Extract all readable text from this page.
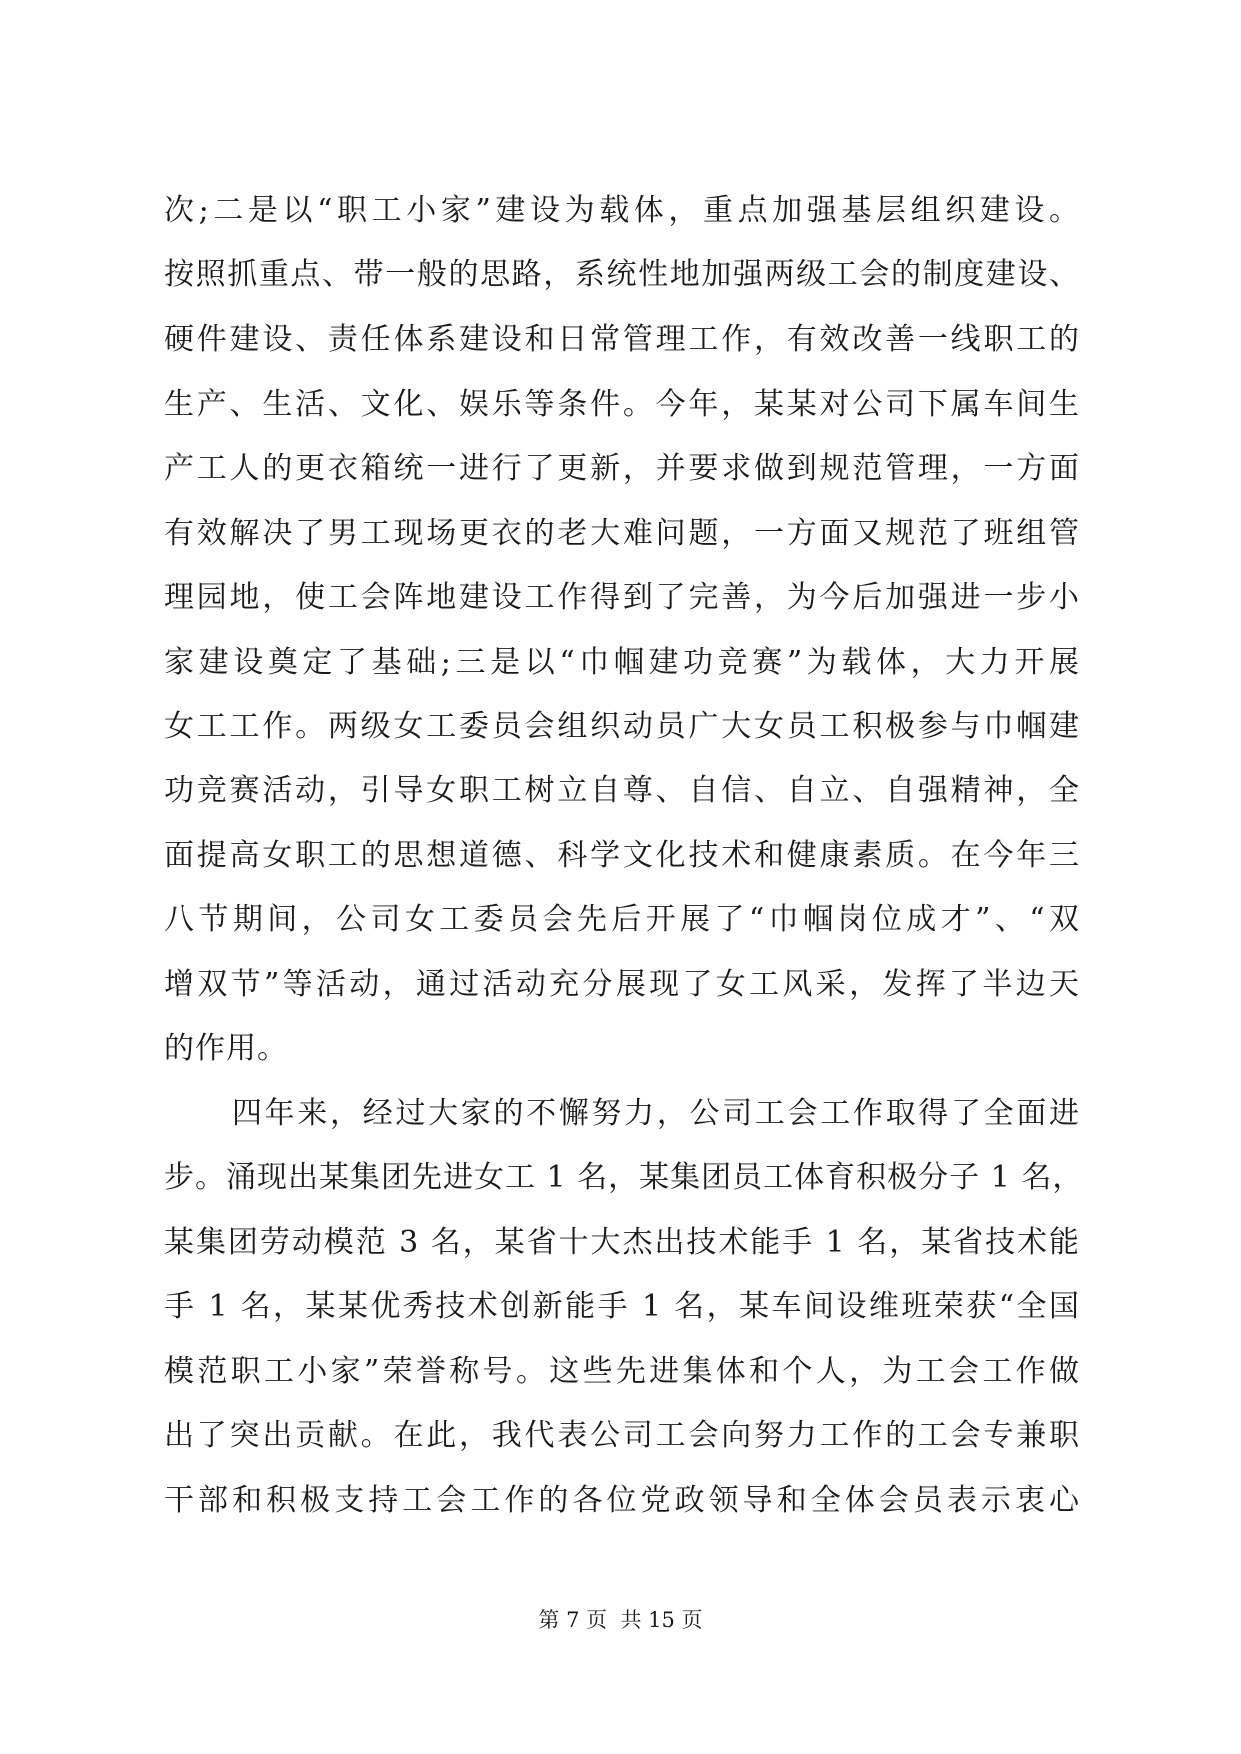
次;二是以“职工小家”建设为载体，重点加强基层组织建设。
按照抓重点、带一般的思路，系统性地加强两级工会的制度建设、
硬件建设、责任体系建设和日常管理工作，有效改善一线职工的
生产、生活、文化、娱乐等条件。今年，某某对公司下属车间生
产工人的更衣箱统一进行了更新，并要求做到规范管理，一方面
有效解决了男工现场更衣的老大难问题，一方面又规范了班组管
理园地，使工会阵地建设工作得到了完善，为今后加强进一步小
家建设奠定了基础;三是以“巾帼建功竞赛”为载体，大力开展
女工工作。两级女工委员会组织动员广大女员工积极参与巾帼建
功竞赛活动，引导女职工树立自尊、自信、自立、自强精神，全
面提高女职工的思想道德、科学文化技术和健康素质。在今年三
八节期间，公司女工委员会先后开展了“巾帼岗位成才”、“双
增双节”等活动，通过活动充分展现了女工风采，发挥了半边天
的作用。
四年来，经过大家的不懈努力，公司工会工作取得了全面进
步。涌现出某集团先进女工 1 名，某集团员工体育积极分子 1 名，
某集团劳动模范 3 名，某省十大杰出技术能手 1 名，某省技术能
手 1 名，某某优秀技术创新能手 1 名，某车间设维班荣获“全国
模范职工小家”荣誉称号。这些先进集体和个人，为工会工作做
出了突出贡献。在此，我代表公司工会向努力工作的工会专兼职
干部和积极支持工会工作的各位党政领导和全体会员表示衷心
第 7 页  共 15 页
